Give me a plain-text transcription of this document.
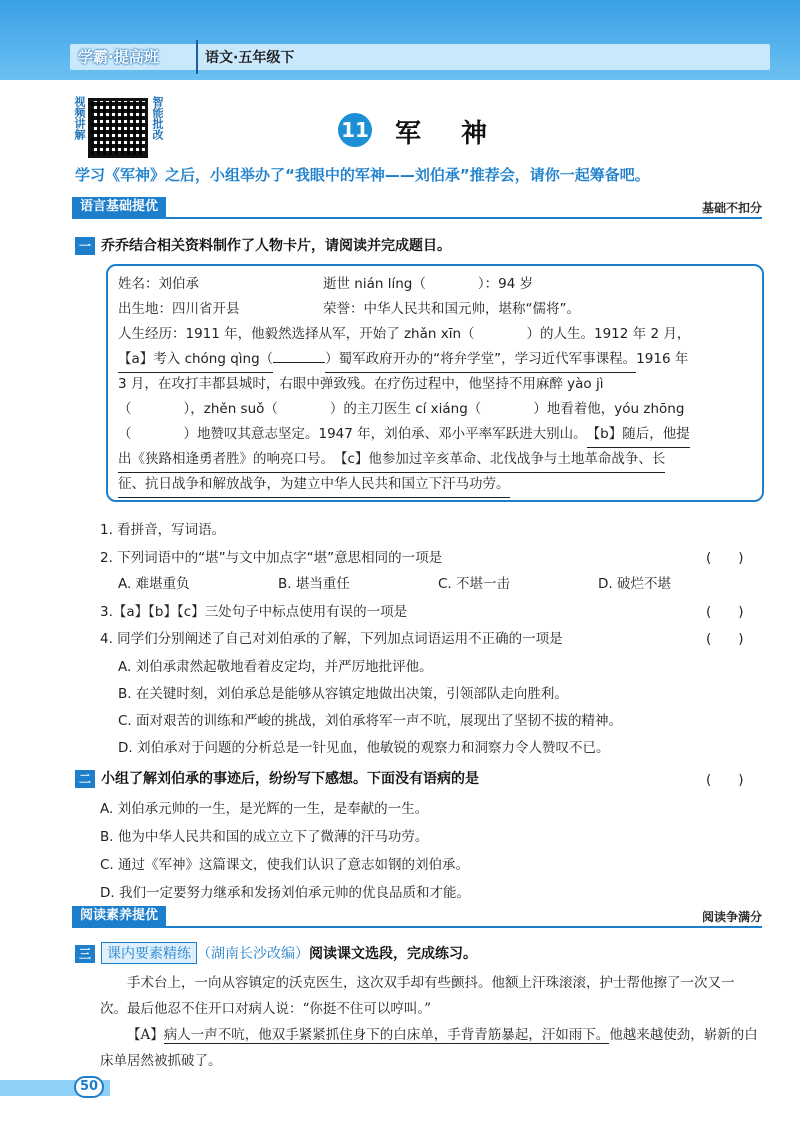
学霸·提高班	语文·五年级下
视频讲解	智能批改	11 军神
学习《军神》之后，小组举办了“我眼中的军神——刘伯承”推荐会，请你一起筹备吧。
语言基础提优	基础不扣分
一 乔乔结合相关资料制作了人物卡片，请阅读并完成题目。
姓名：刘伯承	逝世 nián líng（	）：94 岁
出生地：四川省开县	荣誉：中华人民共和国元帅，堪称“儒将”。
人生经历：1911 年，他毅然选择从军，开始了 zhǎn xīn（	）的人生。1912 年 2 月，
【a】考入 chóng qìng（	）蜀军政府开办的“将弁学堂”，学习近代军事课程。1916 年
3 月，在攻打丰都县城时，右眼中弹致残。在疗伤过程中，他坚持不用麻醉 yào jì
（	），zhěn suǒ（	）的主刀医生 cí xiáng（	）地看着他，yóu zhōng
（	）地赞叹其意志坚定。1947 年，刘伯承、邓小平率军跃进大别山。【b】随后，他提
出《狭路相逢勇者胜》的响亮口号。【c】他参加过辛亥革命、北伐战争与土地革命战争、长
征、抗日战争和解放战争，为建立中华人民共和国立下汗马功劳。
1. 看拼音，写词语。
2. 下列词语中的“堪”与文中加点字“堪”意思相同的一项是	(　　)
A. 难堪重负	B. 堪当重任	C. 不堪一击	D. 破烂不堪
3.【a】【b】【c】三处句子中标点使用有误的一项是	(　　)
4. 同学们分别阐述了自己对刘伯承的了解，下列加点词语运用不正确的一项是	(　　)
A. 刘伯承肃然起敬地看着皮定均，并严厉地批评他。
B. 在关键时刻，刘伯承总是能够从容镇定地做出决策，引领部队走向胜利。
C. 面对艰苦的训练和严峻的挑战，刘伯承将军一声不吭，展现出了坚韧不拔的精神。
D. 刘伯承对于问题的分析总是一针见血，他敏锐的观察力和洞察力令人赞叹不已。
二 小组了解刘伯承的事迹后，纷纷写下感想。下面没有语病的是	(　　)
A. 刘伯承元帅的一生，是光辉的一生，是奉献的一生。
B. 他为中华人民共和国的成立立下了微薄的汗马功劳。
C. 通过《军神》这篇课文，使我们认识了意志如钢的刘伯承。
D. 我们一定要努力继承和发扬刘伯承元帅的优良品质和才能。
阅读素养提优	阅读争满分
三 课内要素精练 （湖南长沙改编）阅读课文选段，完成练习。
手术台上，一向从容镇定的沃克医生，这次双手却有些颤抖。他额上汗珠滚滚，护士帮他擦了一次又一次。最后他忍不住开口对病人说：“你挺不住可以哼叫。”
【A】病人一声不吭，他双手紧紧抓住身下的白床单，手背青筋暴起，汗如雨下。他越来越使劲，崭新的白床单居然被抓破了。
50
